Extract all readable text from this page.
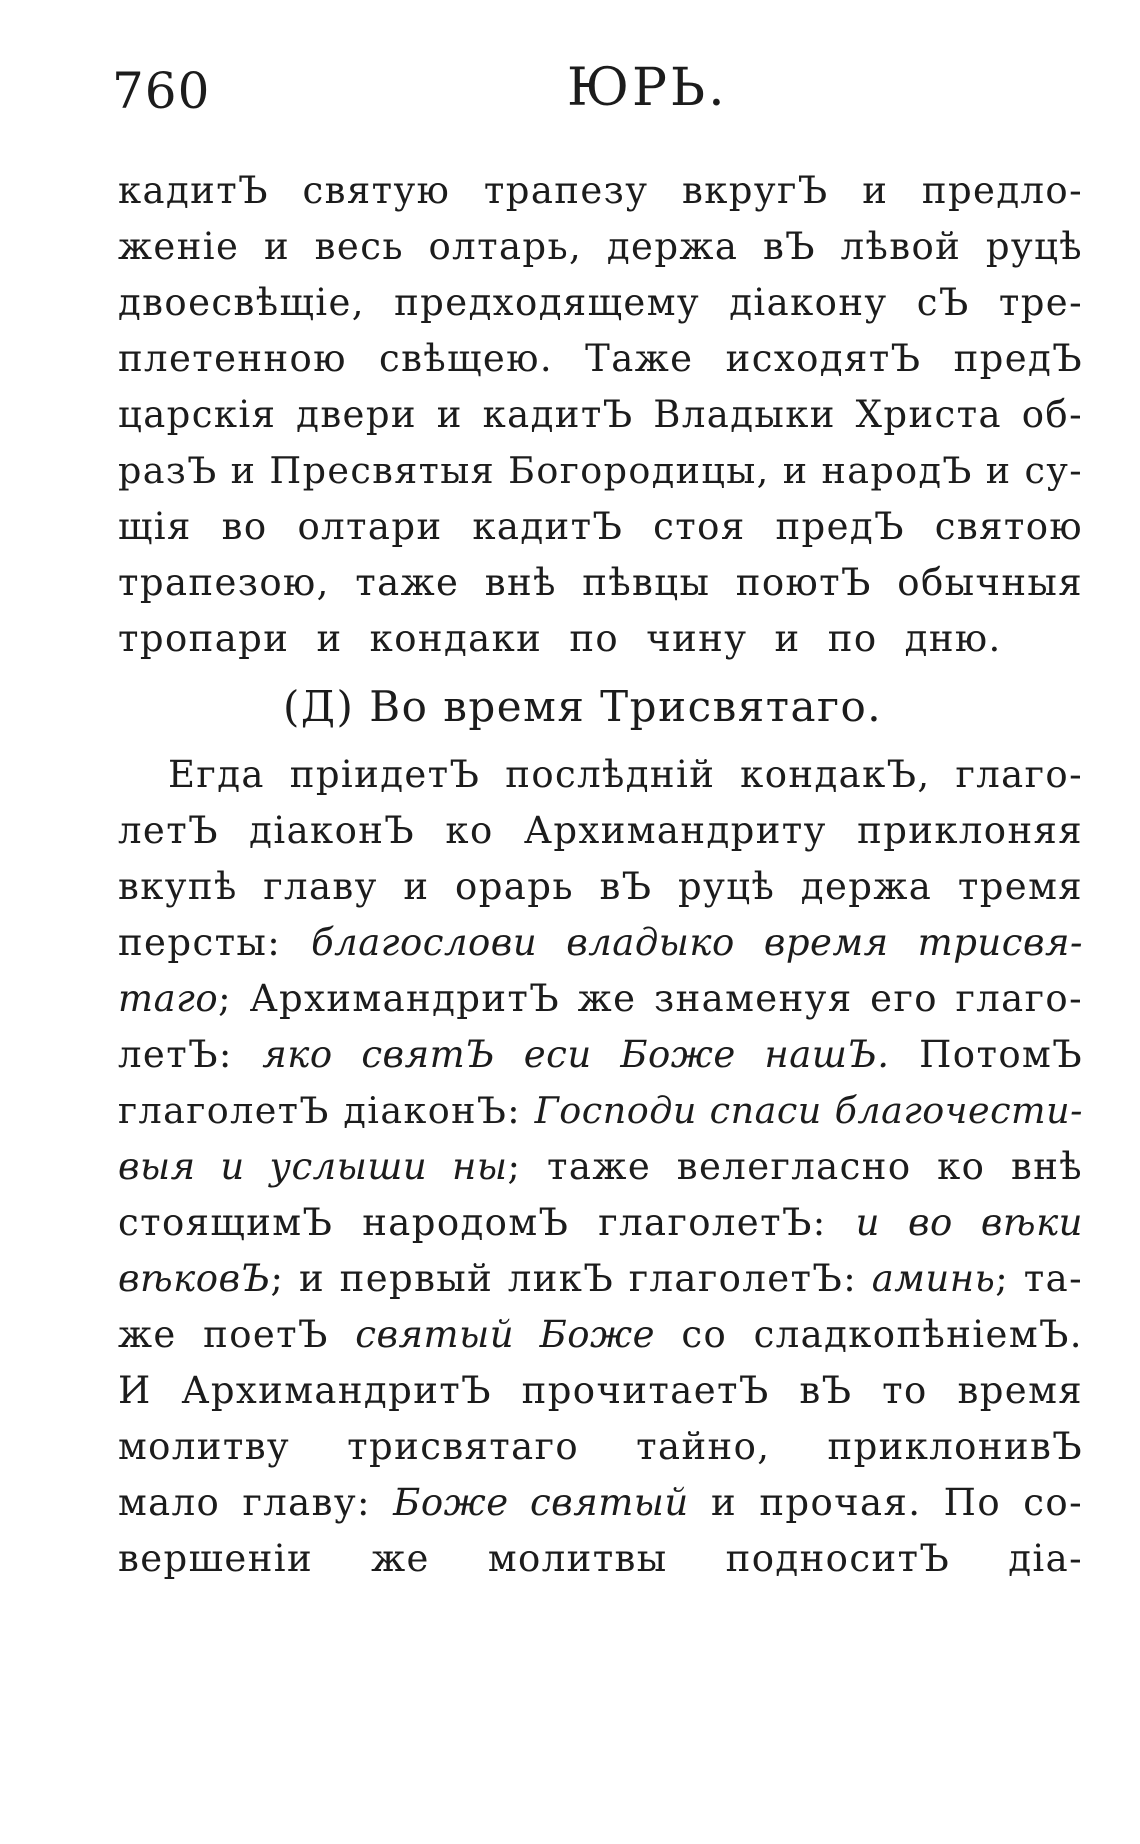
760	ЮРЬ.
кадитЪ святую трапезу вкругЪ и предло-
женіе и весь олтарь, держа вЪ лѣвой руцѣ
двоесвѣщіе, предходящему діакону сЪ тре-
плетенною свѣщею. Таже исходятЪ предЪ
царскія двери и кадитЪ Владыки Христа об-
разЪ и Пресвятыя Богородицы, и народЪ и су-
щія во олтари кадитЪ стоя предЪ святою
трапезою, таже внѣ пѣвцы поютЪ обычныя
тропари и кондаки по чину и по дню.
(Д) Во время Трисвятаго.
Егда пріидетЪ послѣдній кондакЪ, глаго-
летЪ діаконЪ ко Архимандриту приклоняя
вкупѣ главу и орарь вЪ руцѣ держа тремя
персты: благослови владыко время трисвя-
таго; АрхимандритЪ же знаменуя его глаго-
летЪ: яко святЪ еси Боже нашЪ. ПотомЪ
глаголетЪ діаконЪ: Господи спаси благочести-
выя и услыши ны; таже велегласно ко внѣ
стоящимЪ народомЪ глаголетЪ: и во вѣки
вѣковЪ; и первый ликЪ глаголетЪ: аминь; та-
же поетЪ святый Боже со сладкопѣніемЪ.
И АрхимандритЪ прочитаетЪ вЪ то время
молитву трисвятаго тайно, приклонивЪ
мало главу: Боже святый и прочая. По со-
вершеніи же молитвы подноситЪ діа-
